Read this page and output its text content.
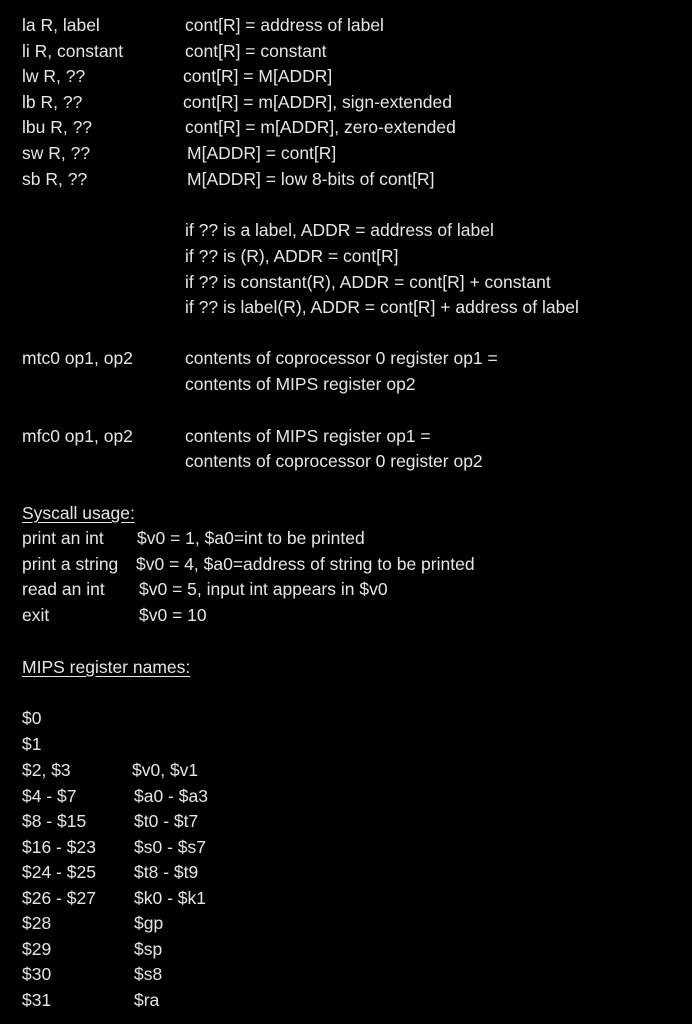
la R, label	cont[R] = address of label
li R, constant	cont[R] = constant
lw R, ??	cont[R] = M[ADDR]
lb R, ??	cont[R] = m[ADDR], sign-extended
lbu R, ??	cont[R] = m[ADDR], zero-extended
sw R, ??	M[ADDR] = cont[R]
sb R, ??	M[ADDR] = low 8-bits of cont[R]
if ?? is a label, ADDR = address of label
if ?? is (R), ADDR = cont[R]
if ?? is constant(R), ADDR = cont[R] + constant
if ?? is label(R), ADDR = cont[R] + address of label
mtc0 op1, op2	contents of coprocessor 0 register op1 =
contents of MIPS register op2
mfc0 op1, op2	contents of MIPS register op1 =
contents of coprocessor 0 register op2
Syscall usage:
print an int $v0 = 1, $a0=int to be printed
print a string $v0 = 4, $a0=address of string to be printed
read an int $v0 = 5, input int appears in $v0
exit	$v0 = 10
MIPS register names:
$0
$1
$2, $3	$v0, $v1
$4 - $7	$a0 - $a3
$8 - $15	$t0 - $t7
$16 - $23 $s0 - $s7
$24 - $25 $t8 - $t9
$26 - $27 $k0 - $k1
$28	$gp
$29	$sp
$30	$s8
$31	$ra
